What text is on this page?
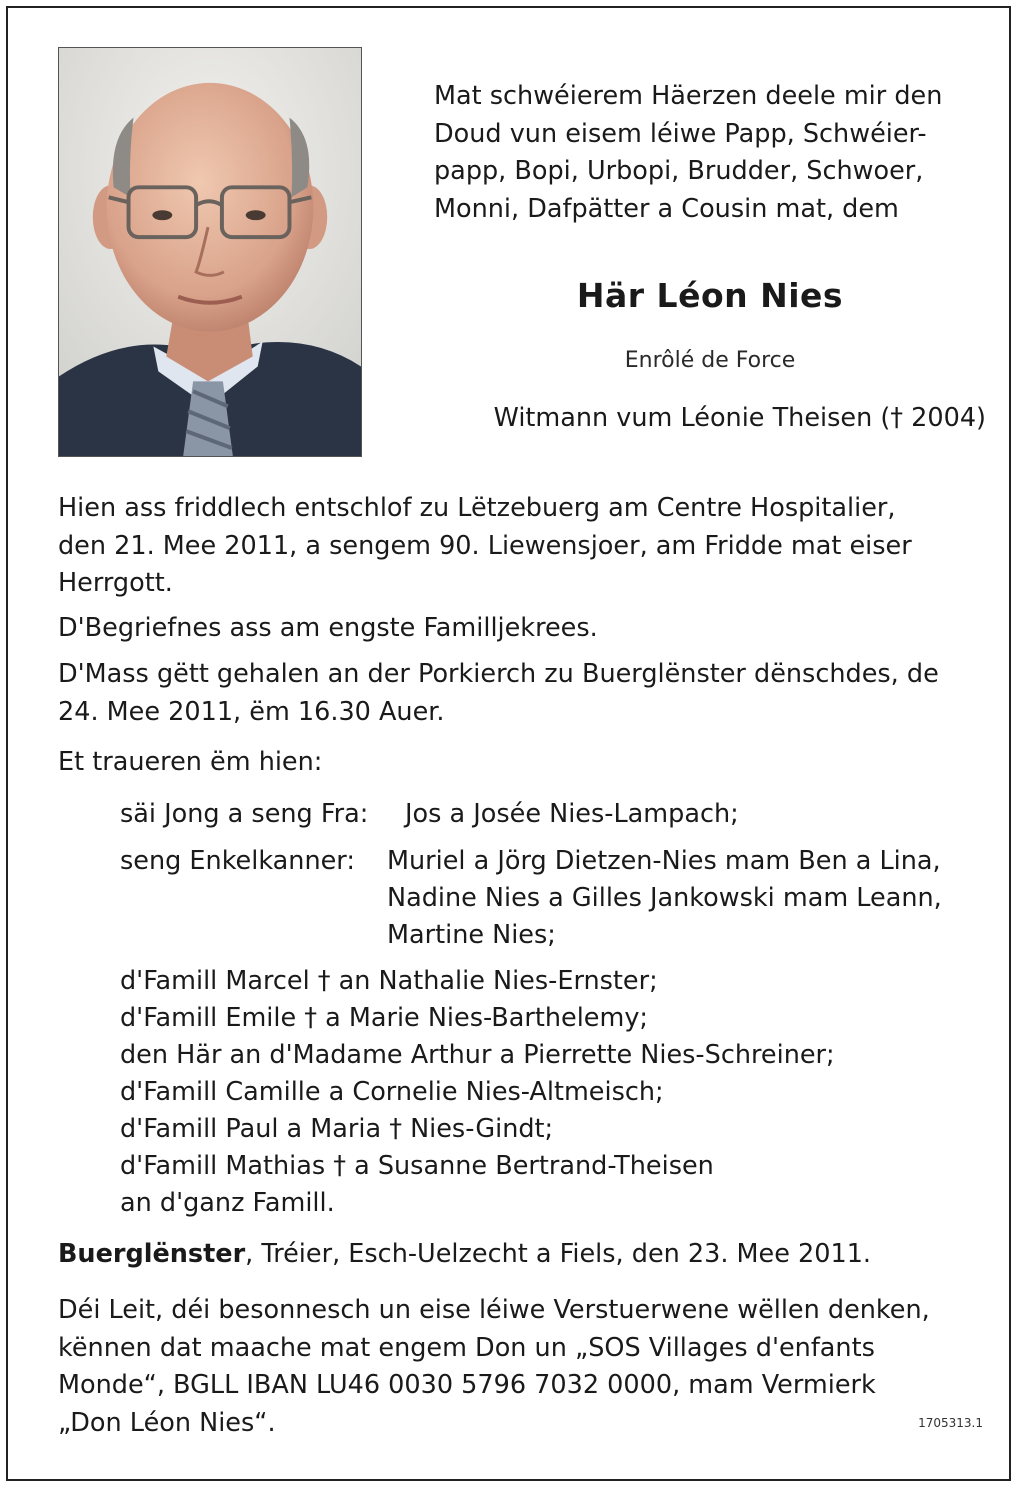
Mat schwéierem Häerzen deele mir den
Doud vun eisem léiwe Papp, Schwéier-
papp, Bopi, Urbopi, Brudder, Schwoer,
Monni, Dafpätter a Cousin mat, dem
Här Léon Nies
Enrôlé de Force
Witmann vum Léonie Theisen († 2004)
Hien ass friddlech entschlof zu Lëtzebuerg am Centre Hospitalier,
den 21. Mee 2011, a sengem 90. Liewensjoer, am Fridde mat eiser
Herrgott.
D'Begriefnes ass am engste Familljekrees.
D'Mass gëtt gehalen an der Porkierch zu Buerglënster dënschdes, de
24. Mee 2011, ëm 16.30 Auer.
Et traueren ëm hien:
säi Jong a seng Fra: Jos a Josée Nies-Lampach;
seng Enkelkanner: Muriel a Jörg Dietzen-Nies mam Ben a Lina,
Nadine Nies a Gilles Jankowski mam Leann,
Martine Nies;
d'Famill Marcel † an Nathalie Nies-Ernster;
d'Famill Emile † a Marie Nies-Barthelemy;
den Här an d'Madame Arthur a Pierrette Nies-Schreiner;
d'Famill Camille a Cornelie Nies-Altmeisch;
d'Famill Paul a Maria † Nies-Gindt;
d'Famill Mathias † a Susanne Bertrand-Theisen
an d'ganz Famill.
Buerglënster, Tréier, Esch-Uelzecht a Fiels, den 23. Mee 2011.
Déi Leit, déi besonnesch un eise léiwe Verstuerwene wëllen denken,
kënnen dat maache mat engem Don un „SOS Villages d'enfants
Monde“, BGLL IBAN LU46 0030 5796 7032 0000, mam Vermierk
„Don Léon Nies“.	1705313.1
